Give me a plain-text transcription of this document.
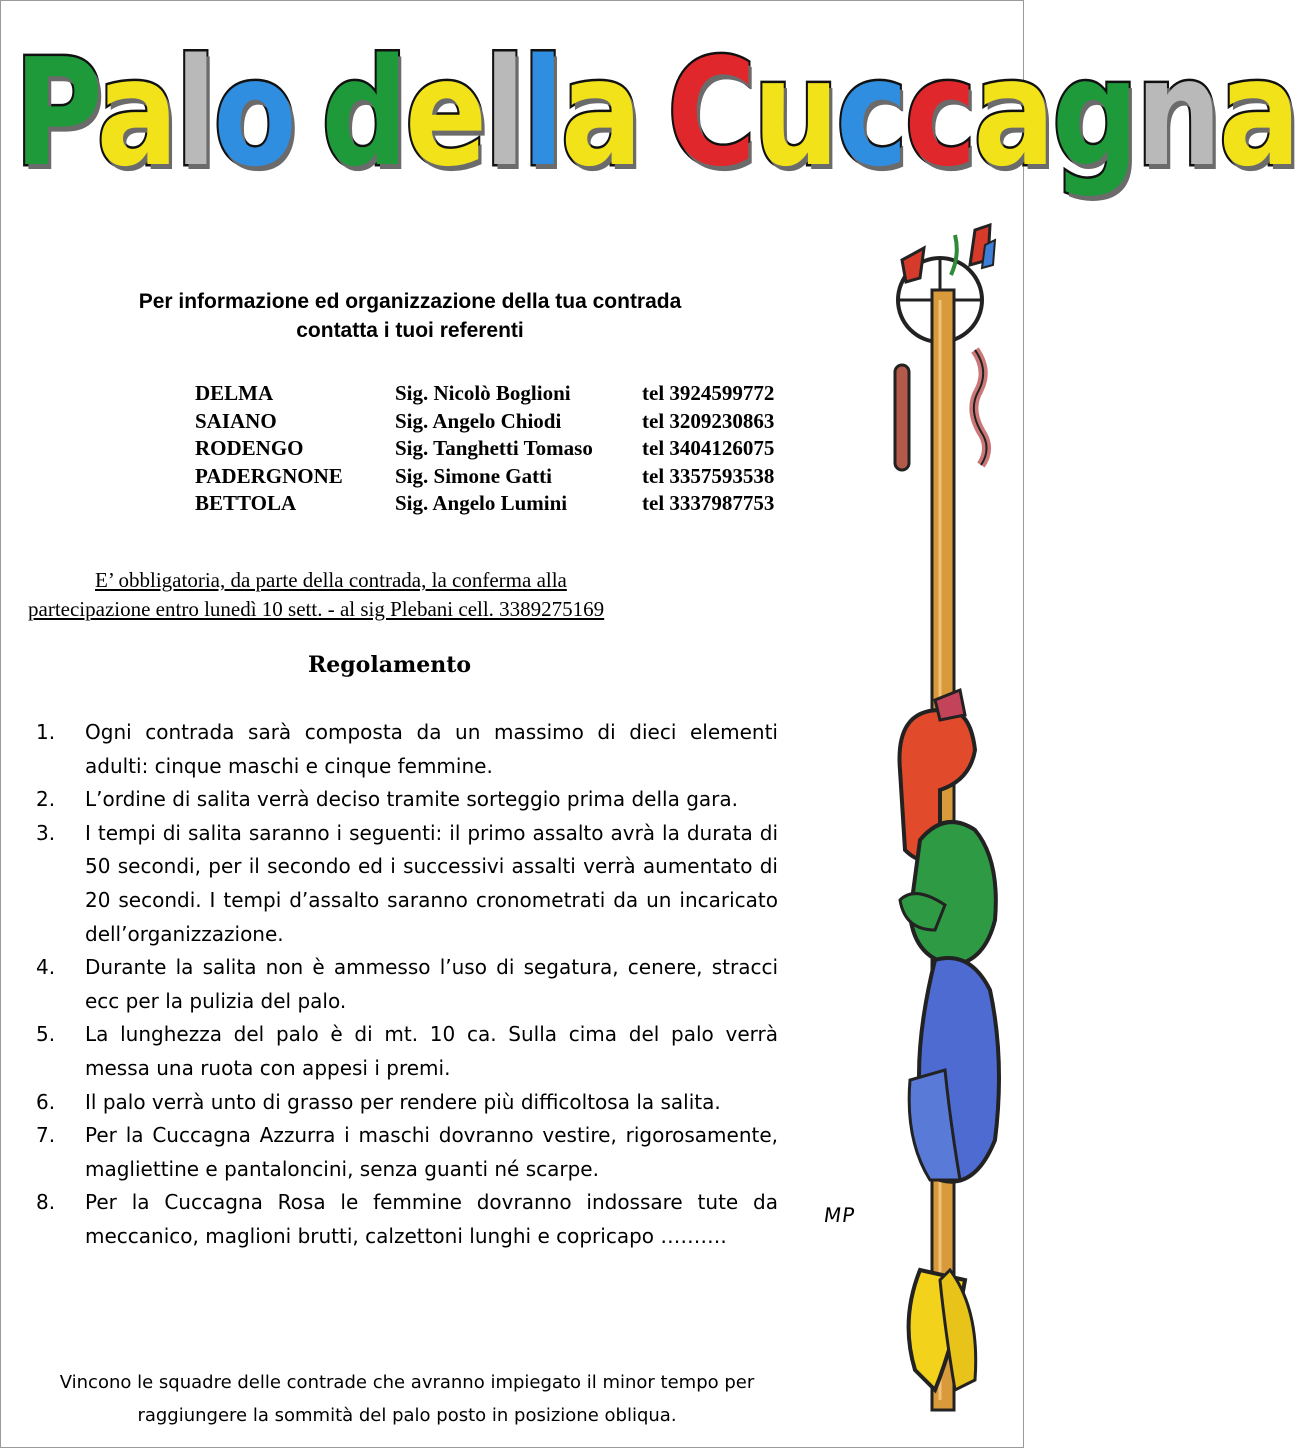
Palo della Cuccagna
Per informazione ed organizzazione della tua contrada
contatta i tuoi referenti
DELMA	Sig. Nicolò Boglioni	tel 3924599772
SAIANO	Sig. Angelo Chiodi	tel 3209230863
RODENGO	Sig. Tanghetti Tomaso tel 3404126075
PADERGNONE Sig. Simone Gatti	tel 3357593538
BETTOLA	Sig. Angelo Lumini	tel 3337987753
E’ obbligatoria, da parte della contrada, la conferma alla
partecipazione entro lunedì 10 sett. - al sig Plebani cell. 3389275169
Regolamento
1. Ogni contrada sarà composta da un massimo di dieci elementi adulti: cinque maschi e cinque femmine.
2. L’ordine di salita verrà deciso tramite sorteggio prima della gara.
3. I tempi di salita saranno i seguenti: il primo assalto avrà la durata di 50 secondi, per il secondo ed i successivi assalti verrà aumentato di 20 secondi. I tempi d’assalto saranno cronometrati da un incaricato dell’organizzazione.
4. Durante la salita non è ammesso l’uso di segatura, cenere, stracci ecc per la pulizia del palo.
5. La lunghezza del palo è di mt. 10 ca. Sulla cima del palo verrà messa una ruota con appesi i premi.
6. Il palo verrà unto di grasso per rendere più difficoltosa la salita.
7. Per la Cuccagna Azzurra i maschi dovranno vestire, rigorosamente, magliettine e pantaloncini, senza guanti né scarpe.
8. Per la Cuccagna Rosa le femmine dovranno indossare tute da meccanico, maglioni brutti, calzettoni lunghi e copricapo ……….
Vincono le squadre delle contrade che avranno impiegato il minor tempo per
raggiungere la sommità del palo posto in posizione obliqua.
MP
